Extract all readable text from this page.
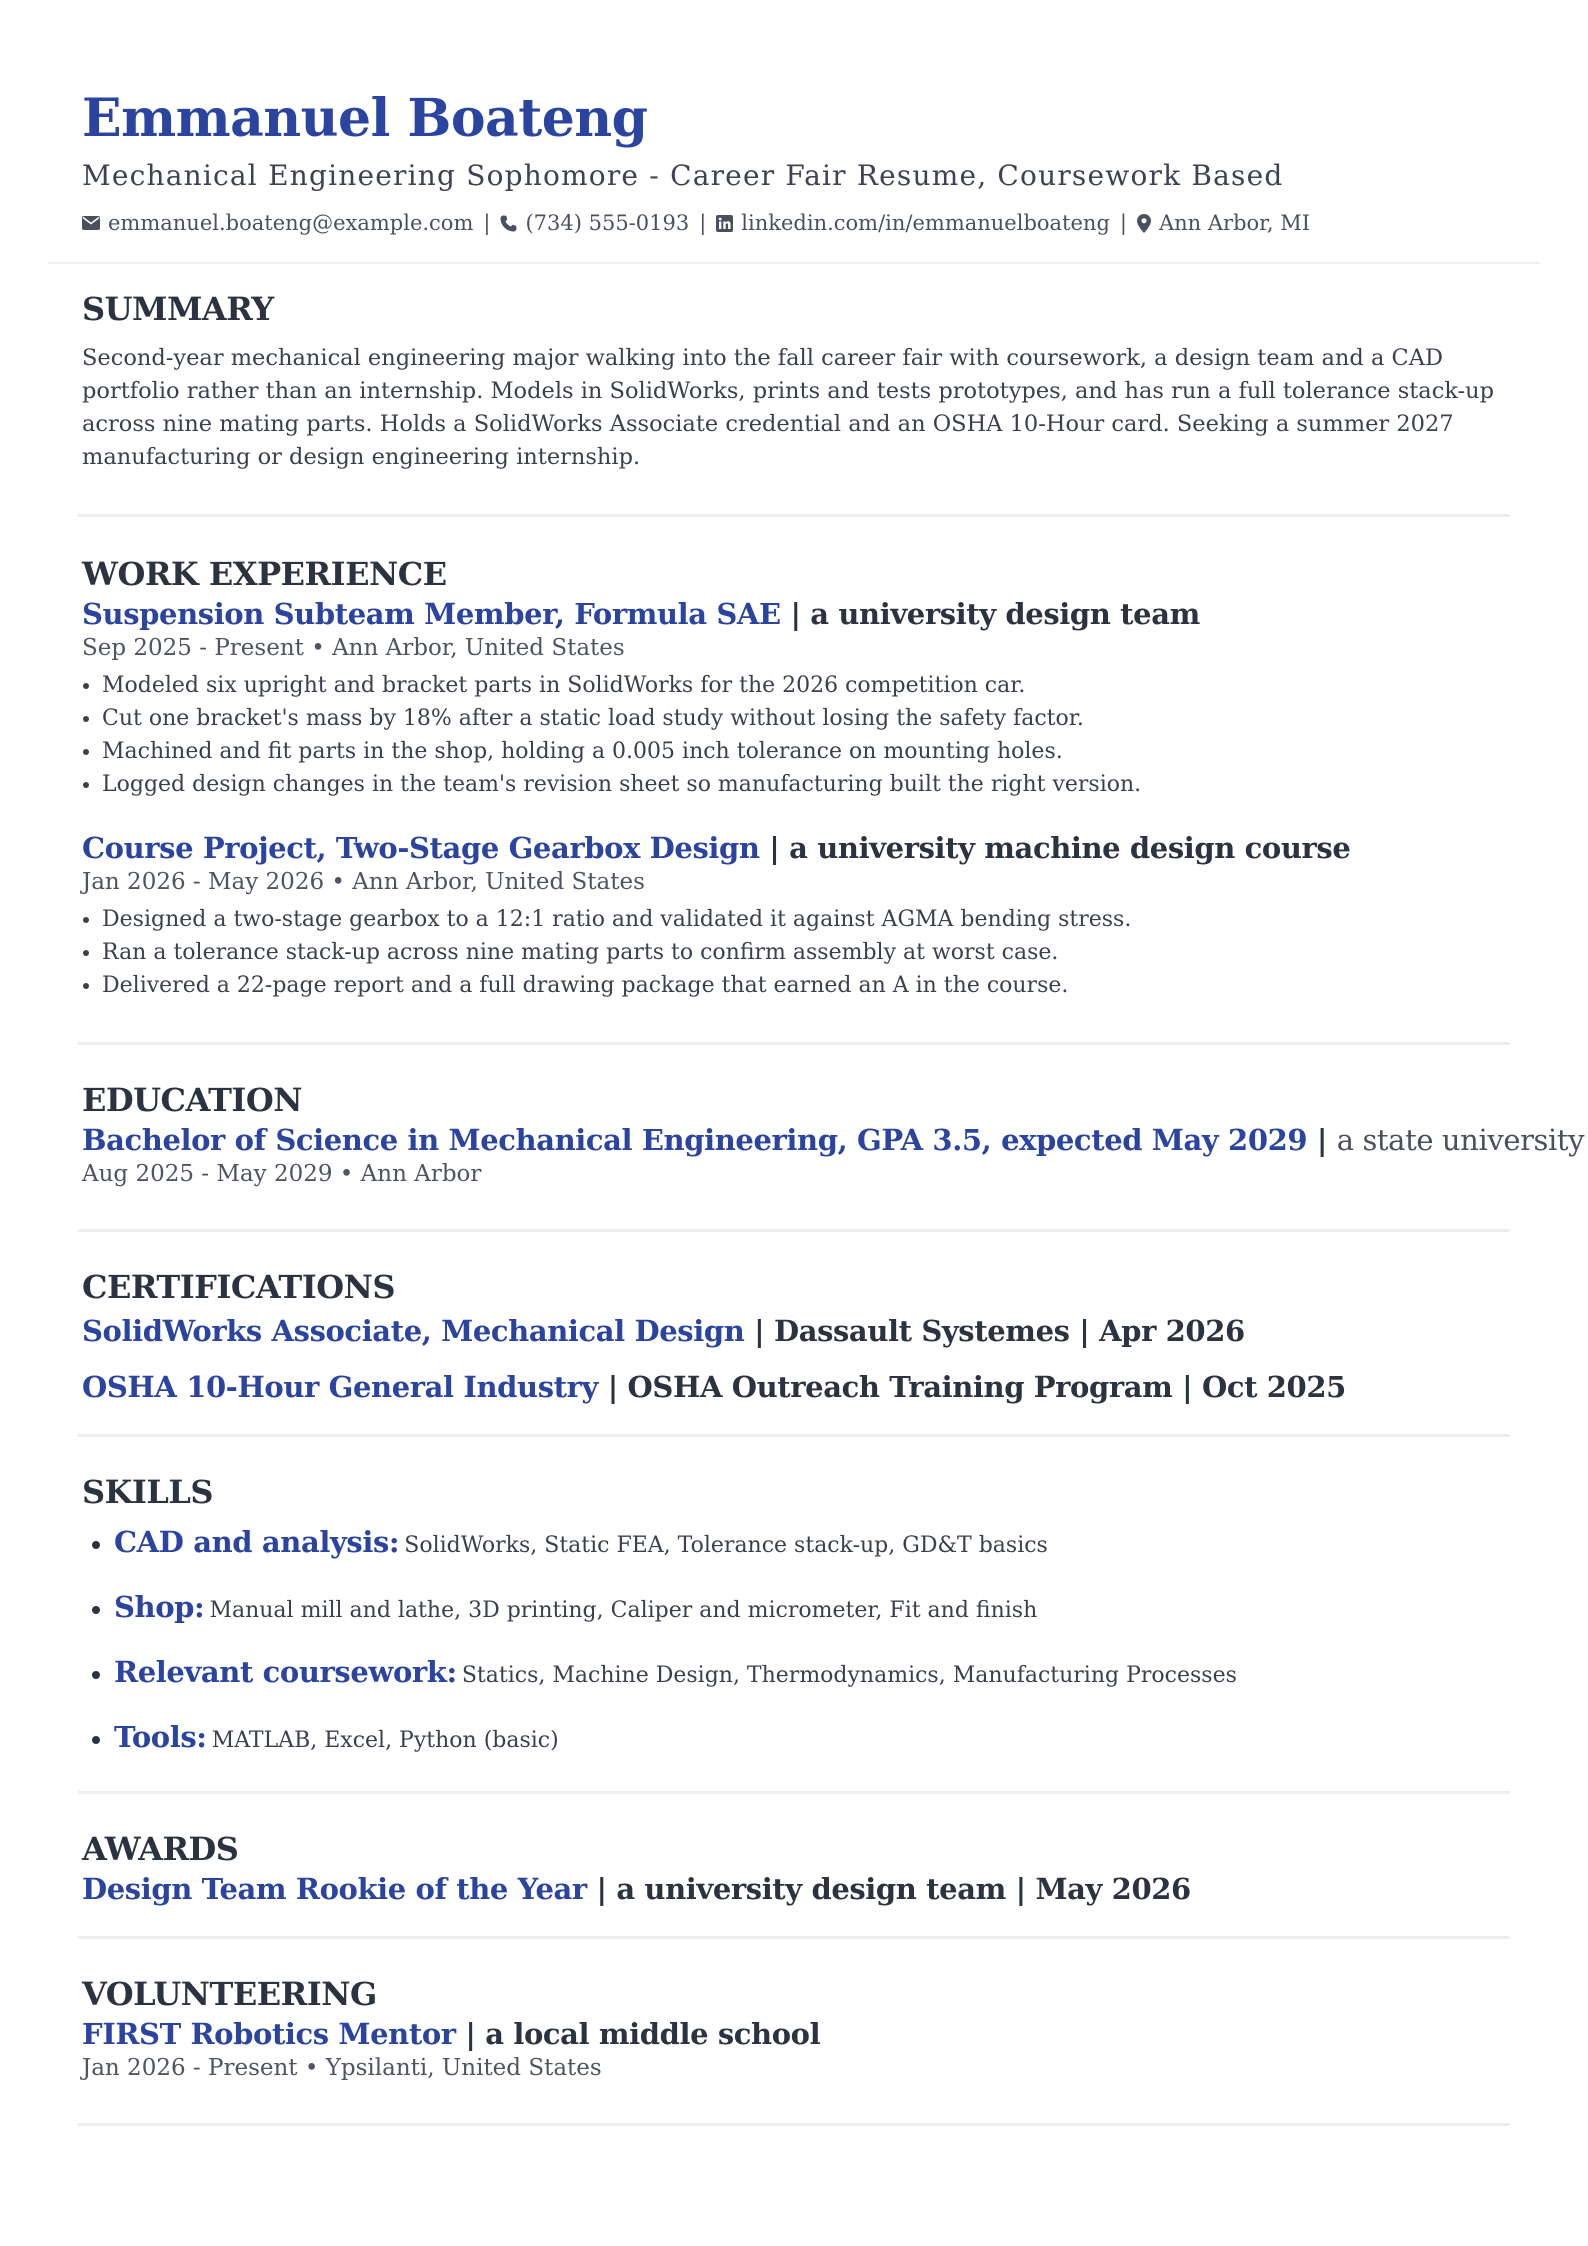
Emmanuel Boateng
Mechanical Engineering Sophomore - Career Fair Resume, Coursework Based
emmanuel.boateng@example.com | (734) 555-0193 | linkedin.com/in/emmanuelboateng | Ann Arbor, MI
SUMMARY

Second-year mechanical engineering major walking into the fall career fair with coursework, a design team and a CAD portfolio rather than an internship. Models in SolidWorks, prints and tests prototypes, and has run a full tolerance stack-up across nine mating parts. Holds a SolidWorks Associate credential and an OSHA 10-Hour card. Seeking a summer 2027 manufacturing or design engineering internship.

WORK EXPERIENCE
Suspension Subteam Member, Formula SAE | a university design team
Sep 2025 - Present • Ann Arbor, United States
• Modeled six upright and bracket parts in SolidWorks for the 2026 competition car.
• Cut one bracket's mass by 18% after a static load study without losing the safety factor.
• Machined and fit parts in the shop, holding a 0.005 inch tolerance on mounting holes.
• Logged design changes in the team's revision sheet so manufacturing built the right version.
Course Project, Two-Stage Gearbox Design | a university machine design course
Jan 2026 - May 2026 • Ann Arbor, United States
• Designed a two-stage gearbox to a 12:1 ratio and validated it against AGMA bending stress.
• Ran a tolerance stack-up across nine mating parts to confirm assembly at worst case.
• Delivered a 22-page report and a full drawing package that earned an A in the course.
EDUCATION
Bachelor of Science in Mechanical Engineering, GPA 3.5, expected May 2029 | a state university
Aug 2025 - May 2029 • Ann Arbor
CERTIFICATIONS
SolidWorks Associate, Mechanical Design | Dassault Systemes | Apr 2026
OSHA 10-Hour General Industry | OSHA Outreach Training Program | Oct 2025
SKILLS
• CAD and analysis: SolidWorks, Static FEA, Tolerance stack-up, GD&T basics
• Shop: Manual mill and lathe, 3D printing, Caliper and micrometer, Fit and finish
• Relevant coursework: Statics, Machine Design, Thermodynamics, Manufacturing Processes
• Tools: MATLAB, Excel, Python (basic)
AWARDS
Design Team Rookie of the Year | a university design team | May 2026
VOLUNTEERING
FIRST Robotics Mentor | a local middle school
Jan 2026 - Present • Ypsilanti, United States
